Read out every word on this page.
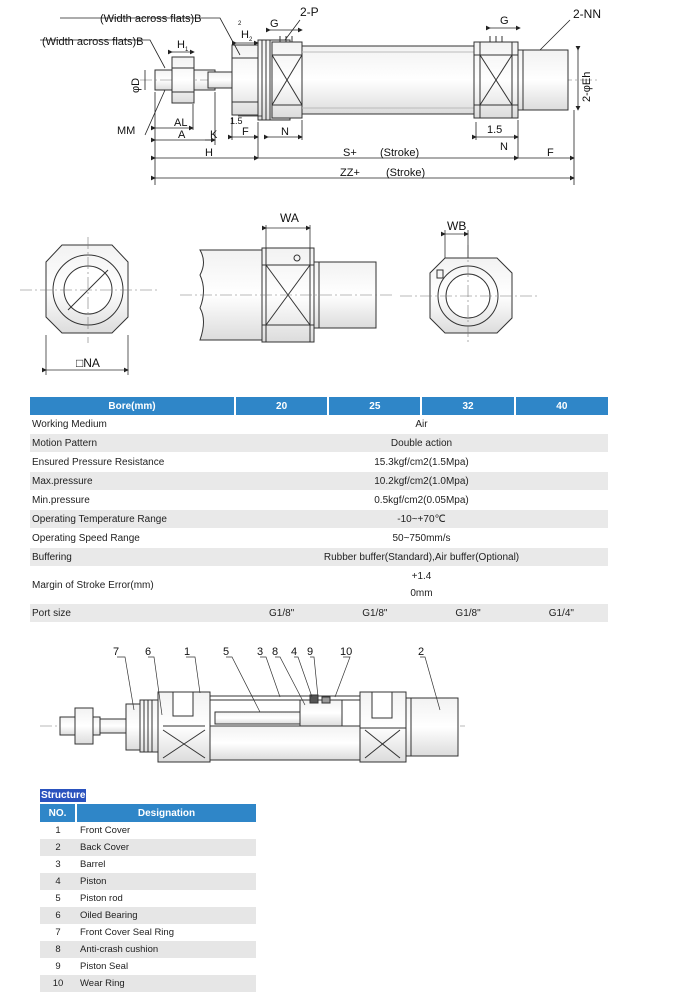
(Width across flats)B	2
(Width across flats)B	H 1
H 2
G
2-P
G	2-NN
φD	2-φEh
MM
AL
A K F	N
1.5
1.5
H	S+ (Stroke)	N	F
ZZ+ (Stroke)
□NA
WA
WB
7 6	1	5	3 8 4 9 10	2
Bore(mm)	20	25	32	40
Working Medium	Air			
Motion Pattern	Double action			
Ensured Pressure Resistance	15.3kgf/cm2(1.5Mpa)			
Max.pressure	10.2kgf/cm2(1.0Mpa)			
Min.pressure	0.5kgf/cm2(0.05Mpa)			
Operating Temperature Range	-10~+70℃			
Operating Speed Range	50~750mm/s			
Buffering	Rubber buffer(Standard),Air buffer(Optional)			
Margin of Stroke Error(mm)	+1.4
0mm			

Port size	G1/8"	G1/8"	G1/8"	G1/4"
Structure
NO.	Designation
1	Front Cover
2	Back Cover
3	Barrel
4	Piston
5	Piston rod
6	Oiled Bearing
7	Front Cover Seal Ring
8	Anti-crash cushion
9	Piston Seal
10	Wear Ring
